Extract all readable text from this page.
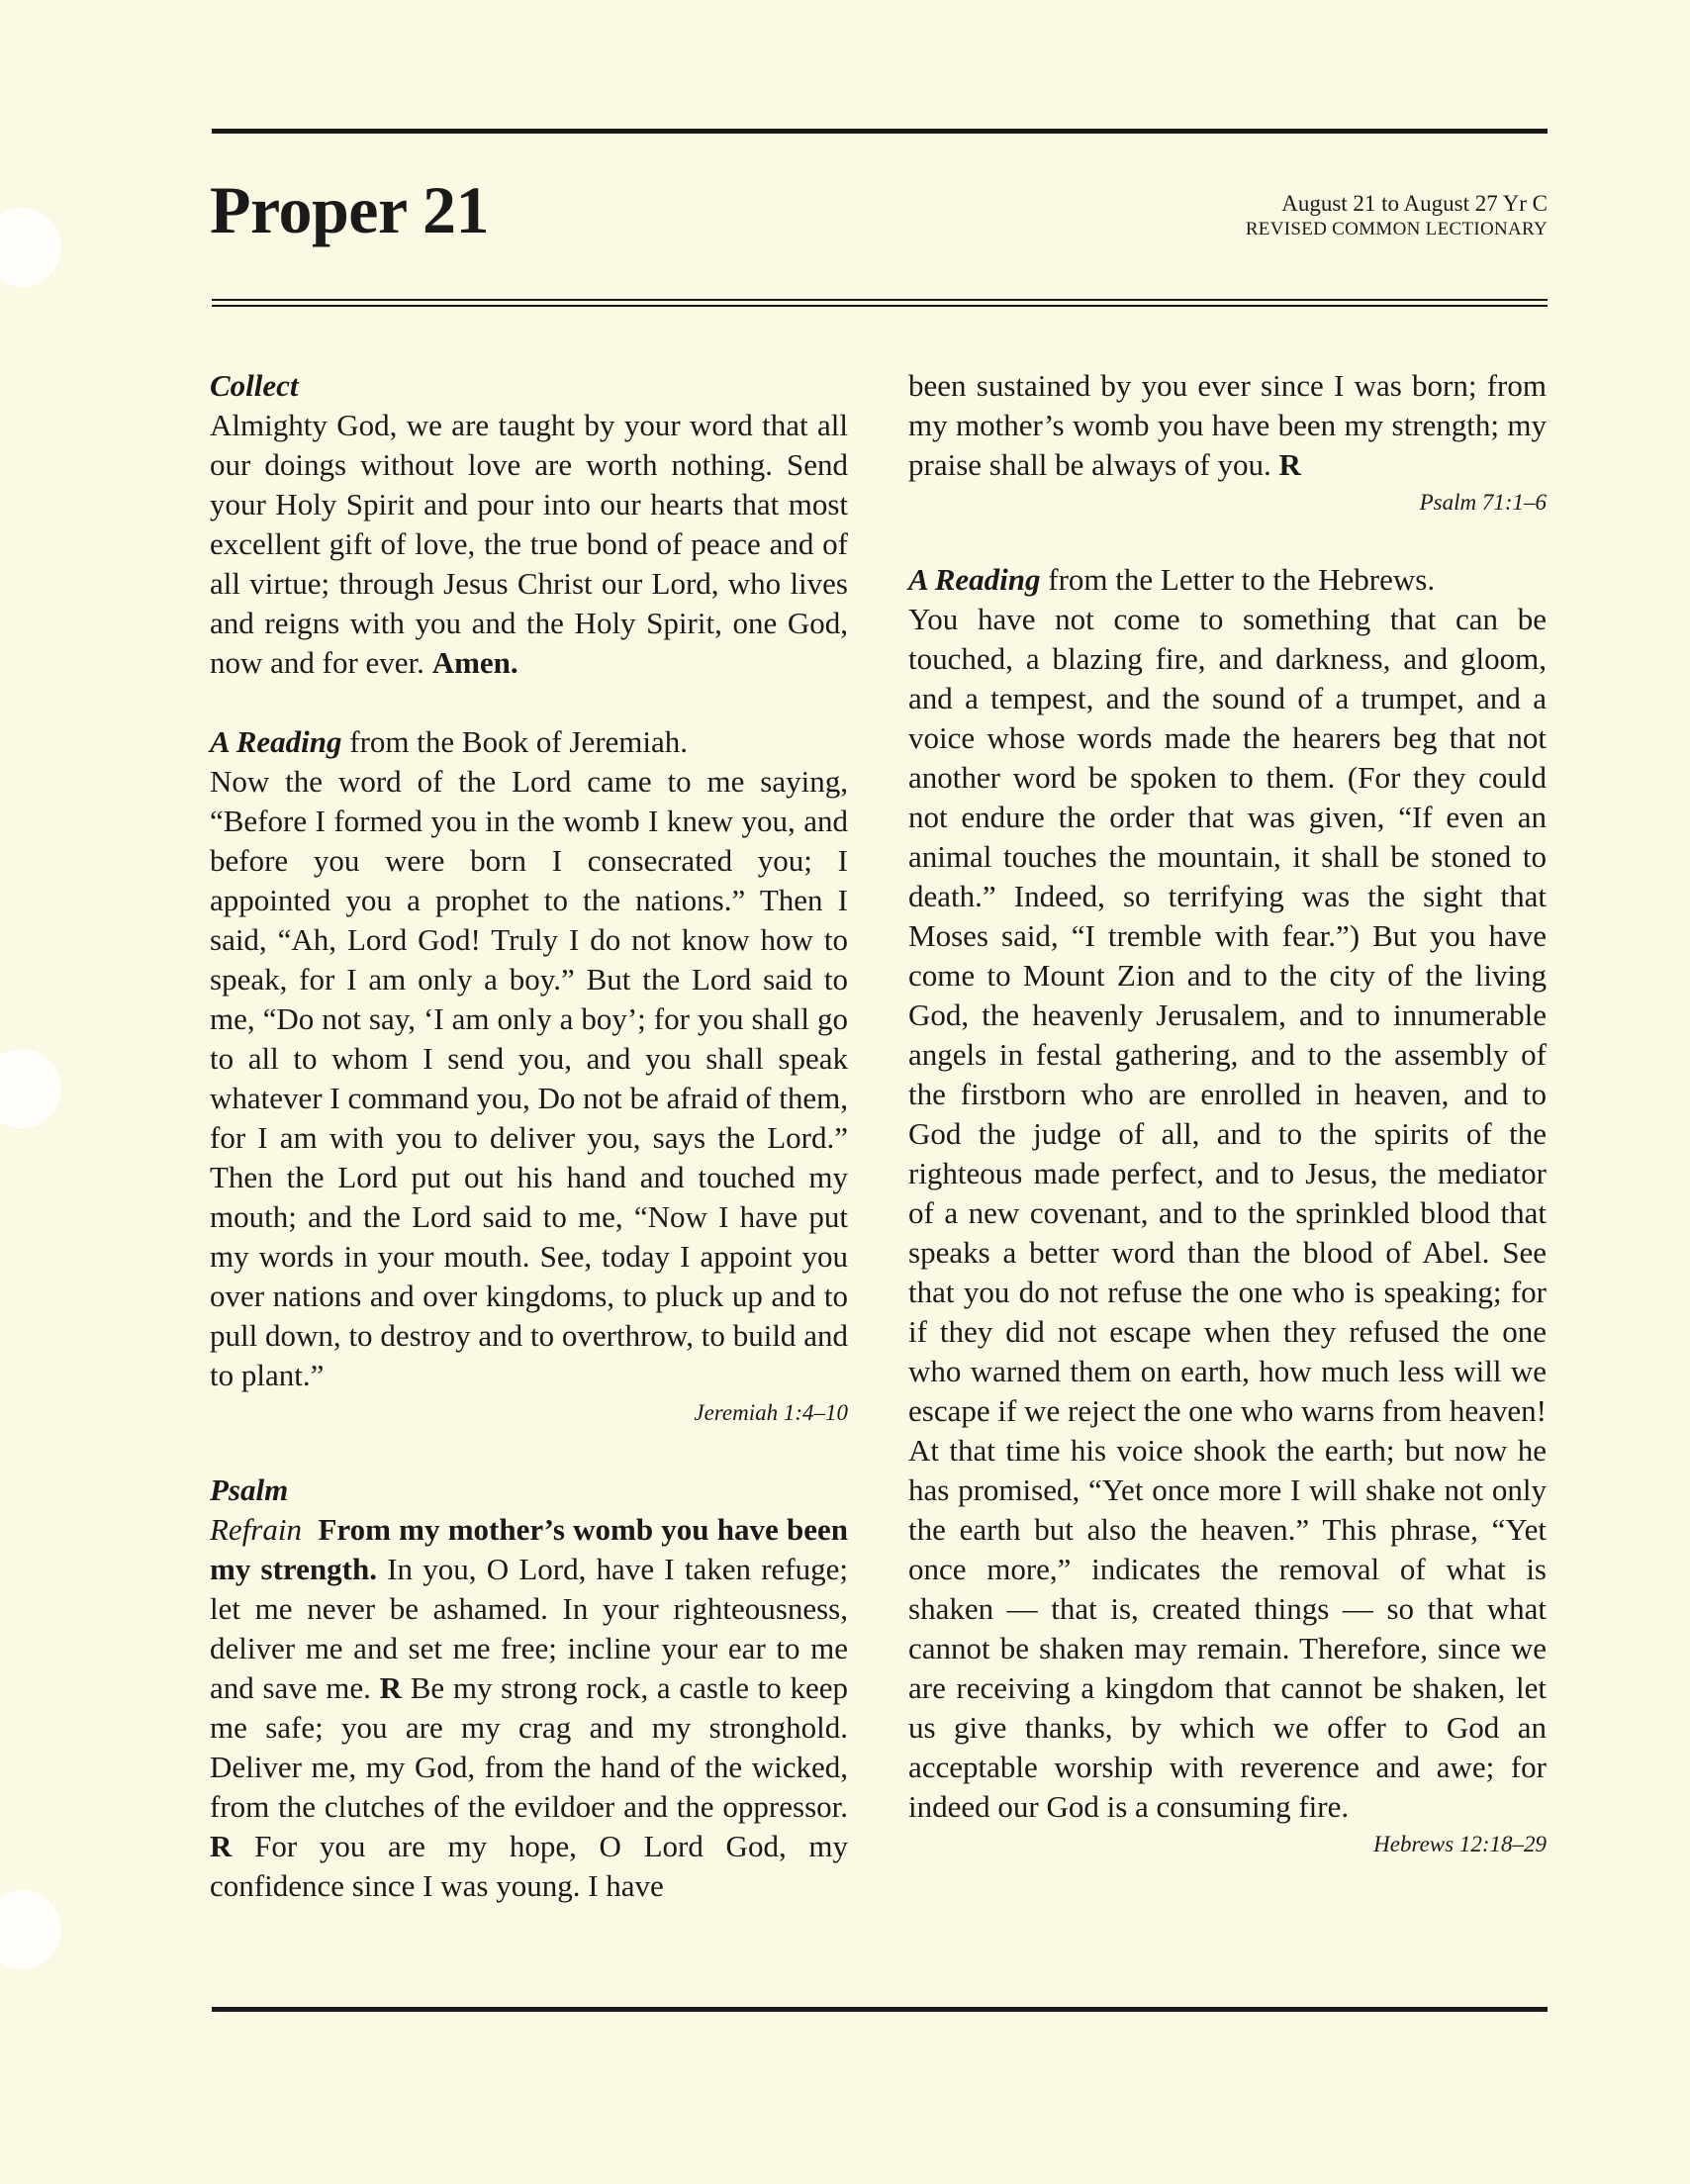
Proper 21	August 21 to August 27 Yr C
REVISED COMMON LECTIONARY

Collect

Almighty God, we are taught by your word that all our doings without love are worth nothing. Send your Holy Spirit and pour into our hearts that most excellent gift of love, the true bond of peace and of all virtue; through Jesus Christ our Lord, who lives and reigns with you and the Holy Spirit, one God, now and for ever. Amen.

A Reading from the Book of Jeremiah.

Now the word of the Lord came to me saying, “Before I formed you in the womb I knew you, and before you were born I consecrated you; I appointed you a prophet to the nations.” Then I said, “Ah, Lord God! Truly I do not know how to speak, for I am only a boy.” But the Lord said to me, “Do not say, ‘I am only a boy’; for you shall go to all to whom I send you, and you shall speak whatever I command you, Do not be afraid of them, for I am with you to deliver you, says the Lord.” Then the Lord put out his hand and touched my mouth; and the Lord said to me, “Now I have put my words in your mouth. See, today I appoint you over nations and over kingdoms, to pluck up and to pull down, to destroy and to overthrow, to build and to plant.”

Jeremiah 1:4–10

Psalm

Refrain From my mother’s womb you have been my strength. In you, O Lord, have I taken refuge; let me never be ashamed. In your righteousness, deliver me and set me free; incline your ear to me and save me. R Be my strong rock, a castle to keep me safe; you are my crag and my stronghold. Deliver me, my God, from the hand of the wicked, from the clutches of the evildoer and the oppressor. R For you are my hope, O Lord God, my confidence since I was young. I have

been sustained by you ever since I was born; from my mother’s womb you have been my strength; my praise shall be always of you. R

Psalm 71:1–6

A Reading from the Letter to the Hebrews.

You have not come to something that can be touched, a blazing fire, and darkness, and gloom, and a tempest, and the sound of a trumpet, and a voice whose words made the hearers beg that not another word be spoken to them. (For they could not endure the order that was given, “If even an animal touches the mountain, it shall be stoned to death.” Indeed, so terrifying was the sight that Moses said, “I tremble with fear.”) But you have come to Mount Zion and to the city of the living God, the heavenly Jerusalem, and to innumerable angels in festal gathering, and to the assembly of the firstborn who are enrolled in heaven, and to God the judge of all, and to the spirits of the righteous made perfect, and to Jesus, the mediator of a new covenant, and to the sprinkled blood that speaks a better word than the blood of Abel. See that you do not refuse the one who is speaking; for if they did not escape when they refused the one who warned them on earth, how much less will we escape if we reject the one who warns from heaven! At that time his voice shook the earth; but now he has promised, “Yet once more I will shake not only the earth but also the heaven.” This phrase, “Yet once more,” indicates the removal of what is shaken — that is, created things — so that what cannot be shaken may remain. Therefore, since we are receiving a kingdom that cannot be shaken, let us give thanks, by which we offer to God an acceptable worship with reverence and awe; for indeed our God is a consuming fire.

Hebrews 12:18–29
